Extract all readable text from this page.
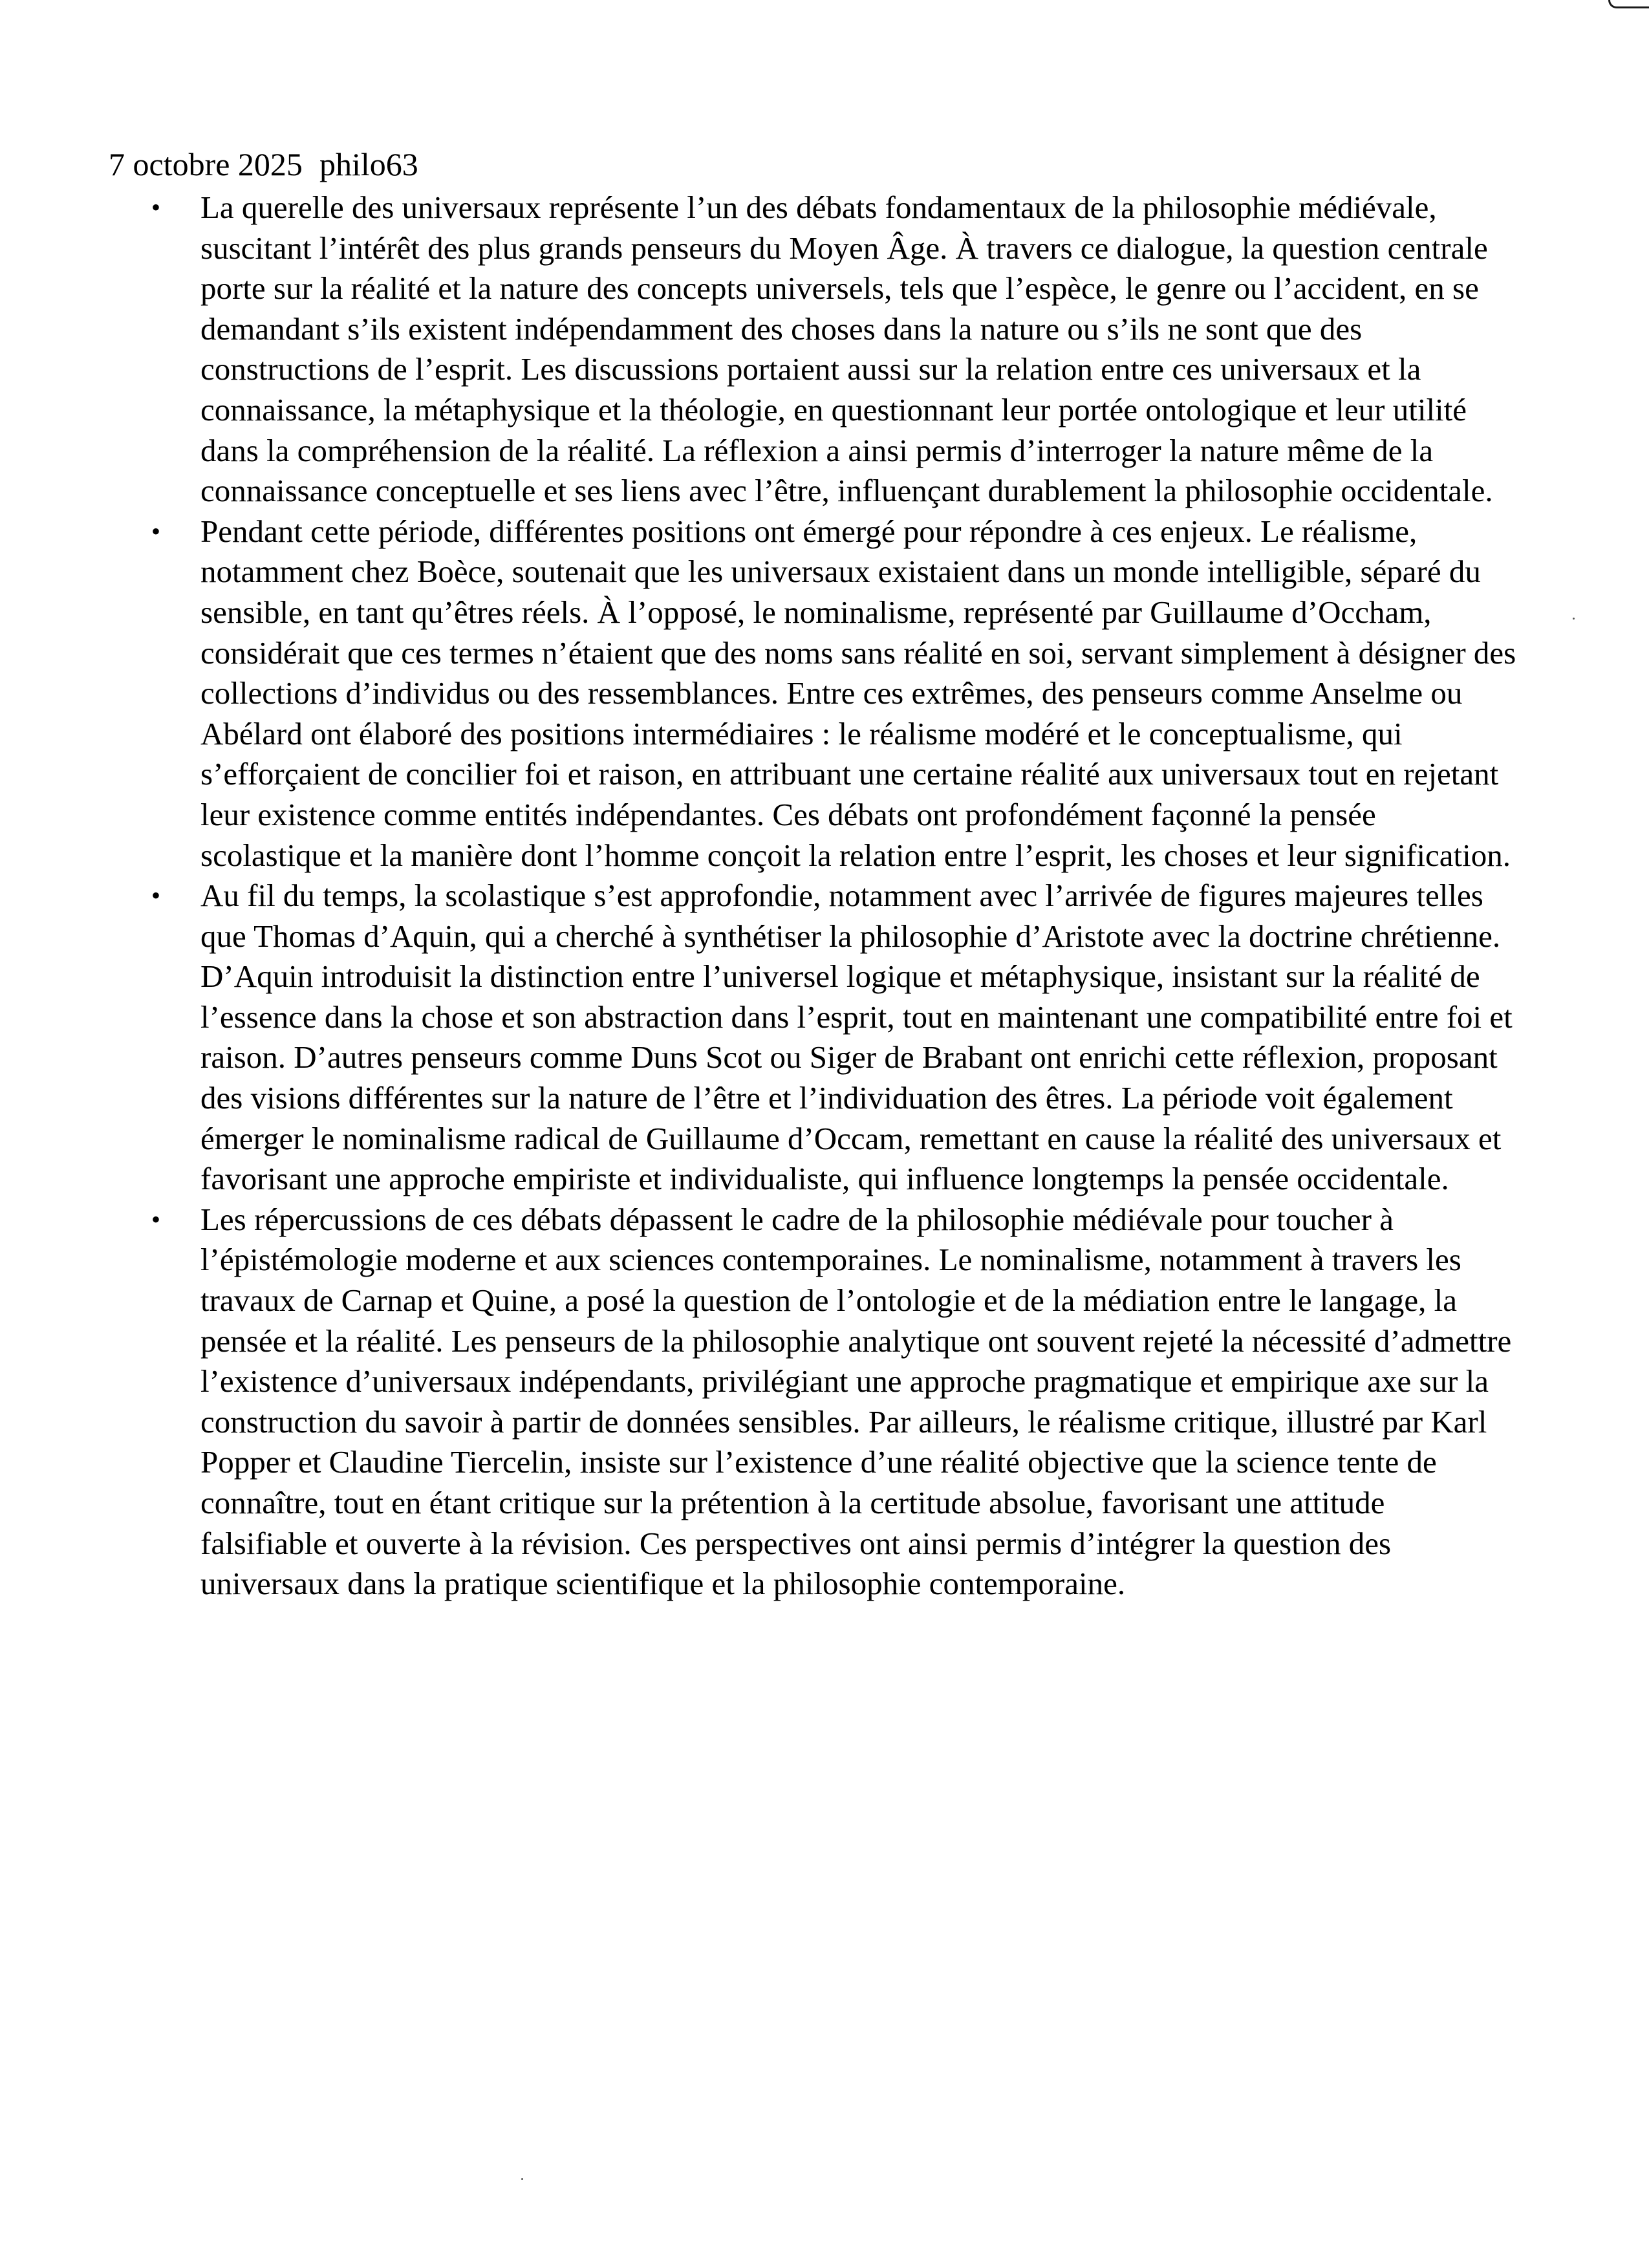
7 octobre 2025 philo63
• La querelle des universaux représente l’un des débats fondamentaux de la philosophie médiévale, suscitant l’intérêt des plus grands penseurs du Moyen Âge. À travers ce dialogue, la question centrale porte sur la réalité et la nature des concepts universels, tels que l’espèce, le genre ou l’accident, en se demandant s’ils existent indépendamment des choses dans la nature ou s’ils ne sont que des constructions de l’esprit. Les discussions portaient aussi sur la relation entre ces universaux et la connaissance, la métaphysique et la théologie, en questionnant leur portée ontologique et leur utilité dans la compréhension de la réalité. La réflexion a ainsi permis d’interroger la nature même de la connaissance conceptuelle et ses liens avec l’être, influençant durablement la philosophie occidentale.
• Pendant cette période, différentes positions ont émergé pour répondre à ces enjeux. Le réalisme, notamment chez Boèce, soutenait que les universaux existaient dans un monde intelligible, séparé du sensible, en tant qu’êtres réels. À l’opposé, le nominalisme, représenté par Guillaume d’Occham, considérait que ces termes n’étaient que des noms sans réalité en soi, servant simplement à désigner des collections d’individus ou des ressemblances. Entre ces extrêmes, des penseurs comme Anselme ou Abélard ont élaboré des positions intermédiaires : le réalisme modéré et le conceptualisme, qui s’efforçaient de concilier foi et raison, en attribuant une certaine réalité aux universaux tout en rejetant leur existence comme entités indépendantes. Ces débats ont profondément façonné la pensée scolastique et la manière dont l’homme conçoit la relation entre l’esprit, les choses et leur signification.
• Au fil du temps, la scolastique s’est approfondie, notamment avec l’arrivée de figures majeures telles que Thomas d’Aquin, qui a cherché à synthétiser la philosophie d’Aristote avec la doctrine chrétienne. D’Aquin introduisit la distinction entre l’universel logique et métaphysique, insistant sur la réalité de l’essence dans la chose et son abstraction dans l’esprit, tout en maintenant une compatibilité entre foi et raison. D’autres penseurs comme Duns Scot ou Siger de Brabant ont enrichi cette réflexion, proposant des visions différentes sur la nature de l’être et l’individuation des êtres. La période voit également émerger le nominalisme radical de Guillaume d’Occam, remettant en cause la réalité des universaux et favorisant une approche empiriste et individualiste, qui influence longtemps la pensée occidentale.
• Les répercussions de ces débats dépassent le cadre de la philosophie médiévale pour toucher à l’épistémologie moderne et aux sciences contemporaines. Le nominalisme, notamment à travers les travaux de Carnap et Quine, a posé la question de l’ontologie et de la médiation entre le langage, la pensée et la réalité. Les penseurs de la philosophie analytique ont souvent rejeté la nécessité d’admettre l’existence d’universaux indépendants, privilégiant une approche pragmatique et empirique axe sur la construction du savoir à partir de données sensibles. Par ailleurs, le réalisme critique, illustré par Karl Popper et Claudine Tiercelin, insiste sur l’existence d’une réalité objective que la science tente de connaître, tout en étant critique sur la prétention à la certitude absolue, favorisant une attitude falsifiable et ouverte à la révision. Ces perspectives ont ainsi permis d’intégrer la question des universaux dans la pratique scientifique et la philosophie contemporaine.
